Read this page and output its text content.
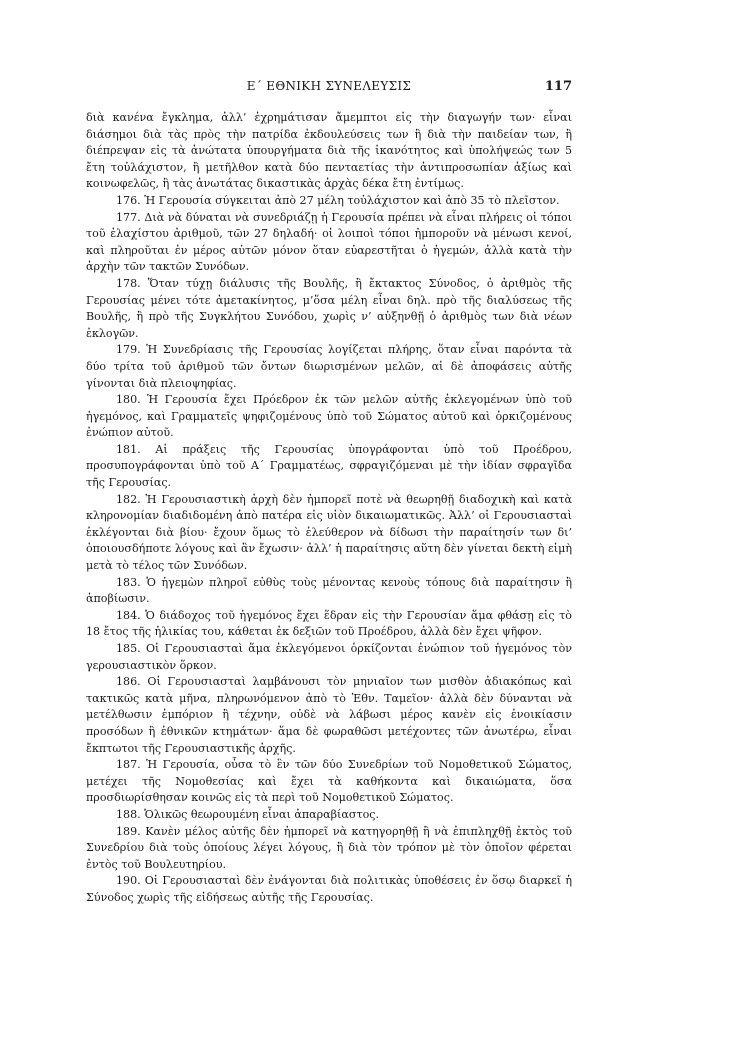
Ε΄ ΕΘΝΙΚΗ ΣΥΝΕΛΕΥΣΙΣ	117

διὰ κανένα ἔγκλημα, ἀλλ’ ἐχρημάτισαν ἄμεμπτοι εἰς τὴν διαγωγήν των· εἶναι διάσημοι διὰ τὰς πρὸς τὴν πατρίδα ἐκδουλεύσεις των ἢ διὰ τὴν παιδείαν των, ἢ διέπρεψαν εἰς τὰ ἀνώτατα ὑπουργήματα διὰ τῆς ἱκανότητος καὶ ὑπολήψεώς των 5 ἔτη τοὐλάχιστον, ἢ μετῆλθον κατὰ δύο πενταετίας τὴν ἀντιπροσωπίαν ἀξίως καὶ κοινωφελῶς, ἢ τὰς ἀνωτάτας δικαστικὰς ἀρχὰς δέκα ἔτη ἐντίμως.

176. Ἡ Γερουσία σύγκειται ἀπὸ 27 μέλη τοὐλάχιστον καὶ ἀπὸ 35 τὸ πλεῖστον.

177. Διὰ νὰ δύναται νὰ συνεδριάζῃ ἡ Γερουσία πρέπει νὰ εἶναι πλήρεις οἱ τόποι τοῦ ἐλαχίστου ἀριθμοῦ, τῶν 27 δηλαδή· οἱ λοιποὶ τόποι ἠμποροῦν νὰ μένωσι κενοί, καὶ πληροῦται ἐν μέρος αὐτῶν μόνον ὅταν εὐαρεστῆται ὁ ἡγεμών, ἀλλὰ κατὰ τὴν ἀρχὴν τῶν τακτῶν Συνόδων.

178. Ὅταν τύχῃ διάλυσις τῆς Βουλῆς, ἢ ἔκτακτος Σύνοδος, ὁ ἀριθμὸς τῆς Γερουσίας μένει τότε ἀμετακίνητος, μ’ὅσα μέλη εἶναι δηλ. πρὸ τῆς διαλύσεως τῆς Βουλῆς, ἢ πρὸ τῆς Συγκλήτου Συνόδου, χωρὶς ν’ αὐξηνθῇ ὁ ἀριθμὸς των διὰ νέων ἐκλογῶν.

179. Ἡ Συνεδρίασις τῆς Γερουσίας λογίζεται πλήρης, ὅταν εἶναι παρόντα τὰ δύο τρίτα τοῦ ἀριθμοῦ τῶν ὄντων διωρισμένων μελῶν, αἱ δὲ ἀποφάσεις αὐτῆς γίνονται διὰ πλειοψηφίας.

180. Ἡ Γερουσία ἔχει Πρόεδρον ἐκ τῶν μελῶν αὐτῆς ἐκλεγομένων ὑπὸ τοῦ ἡγεμόνος, καὶ Γραμματεῖς ψηφιζομένους ὑπὸ τοῦ Σώματος αὐτοῦ καὶ ὁρκιζομένους ἐνώπιον αὐτοῦ.

181. Αἱ πράξεις τῆς Γερουσίας ὑπογράφονται ὑπὸ τοῦ Προέδρου, προσυπογράφονται ὑπὸ τοῦ Α΄ Γραμματέως, σφραγιζόμεναι μὲ τὴν ἰδίαν σφραγῖδα τῆς Γερουσίας.

182. Ἡ Γερουσιαστικὴ ἀρχὴ δὲν ἠμπορεῖ ποτὲ νὰ θεωρηθῇ διαδοχικὴ καὶ κατὰ κληρονομίαν διαδιδομένη ἀπὸ πατέρα εἰς υἱὸν δικαιωματικῶς. Ἀλλ’ οἱ Γερουσιασταὶ ἐκλέγονται διὰ βίου· ἔχουν ὅμως τὸ ἐλεύθερον νὰ δίδωσι τὴν παραίτησίν των δι’ ὁποιουσδήποτε λόγους καὶ ἂν ἔχωσιν· ἀλλ’ ἡ παραίτησις αὕτη δὲν γίνεται δεκτὴ εἰμὴ μετὰ τὸ τέλος τῶν Συνόδων.

183. Ὁ ἡγεμὼν πληροῖ εὐθὺς τοὺς μένοντας κενοὺς τόπους διὰ παραίτησιν ἢ ἀποβίωσιν.

184. Ὁ διάδοχος τοῦ ἡγεμόνος ἔχει ἕδραν εἰς τὴν Γερουσίαν ἅμα φθάσῃ εἰς τὸ 18 ἔτος τῆς ἡλικίας του, κάθεται ἐκ δεξιῶν τοῦ Προέδρου, ἀλλὰ δὲν ἔχει ψῆφον.

185. Οἱ Γερουσιασταὶ ἅμα ἐκλεγόμενοι ὁρκίζονται ἐνώπιον τοῦ ἡγεμόνος τὸν γερουσιαστικὸν ὅρκον.

186. Οἱ Γερουσιασταὶ λαμβάνουσι τὸν μηνιαῖον των μισθὸν ἀδιακόπως καὶ τακτικῶς κατὰ μῆνα, πληρωνόμενον ἀπὸ τὸ Ἐθν. Ταμεῖον· ἀλλὰ δὲν δύνανται νὰ μετέλθωσιν ἐμπόριον ἢ τέχνην, οὐδὲ νὰ λάβωσι μέρος κανὲν εἰς ἐνοικίασιν προσόδων ἢ ἐθνικῶν κτημάτων· ἅμα δὲ φωραθῶσι μετέχοντες τῶν ἀνωτέρω, εἶναι ἔκπτωτοι τῆς Γερουσιαστικῆς ἀρχῆς.

187. Ἡ Γερουσία, οὖσα τὸ ἓν τῶν δύο Συνεδρίων τοῦ Νομοθετικοῦ Σώματος, μετέχει τῆς Νομοθεσίας καὶ ἔχει τὰ καθήκοντα καὶ δικαιώματα, ὅσα προσδιωρίσθησαν κοινῶς εἰς τὰ περὶ τοῦ Νομοθετικοῦ Σώματος.

188. Ὁλικῶς θεωρουμένη εἶναι ἀπαραβίαστος.

189. Κανὲν μέλος αὐτῆς δὲν ἠμπορεῖ νὰ κατηγορηθῇ ἢ νὰ ἐπιπληχθῇ ἐκτὸς τοῦ Συνεδρίου διὰ τοὺς ὁποίους λέγει λόγους, ἢ διὰ τὸν τρόπον μὲ τὸν ὁποῖον φέρεται ἐντὸς τοῦ Βουλευτηρίου.

190. Οἱ Γερουσιασταὶ δὲν ἐνάγονται διὰ πολιτικὰς ὑποθέσεις ἐν ὅσῳ διαρκεῖ ἡ Σύνοδος χωρὶς τῆς εἰδήσεως αὐτῆς τῆς Γερουσίας.
